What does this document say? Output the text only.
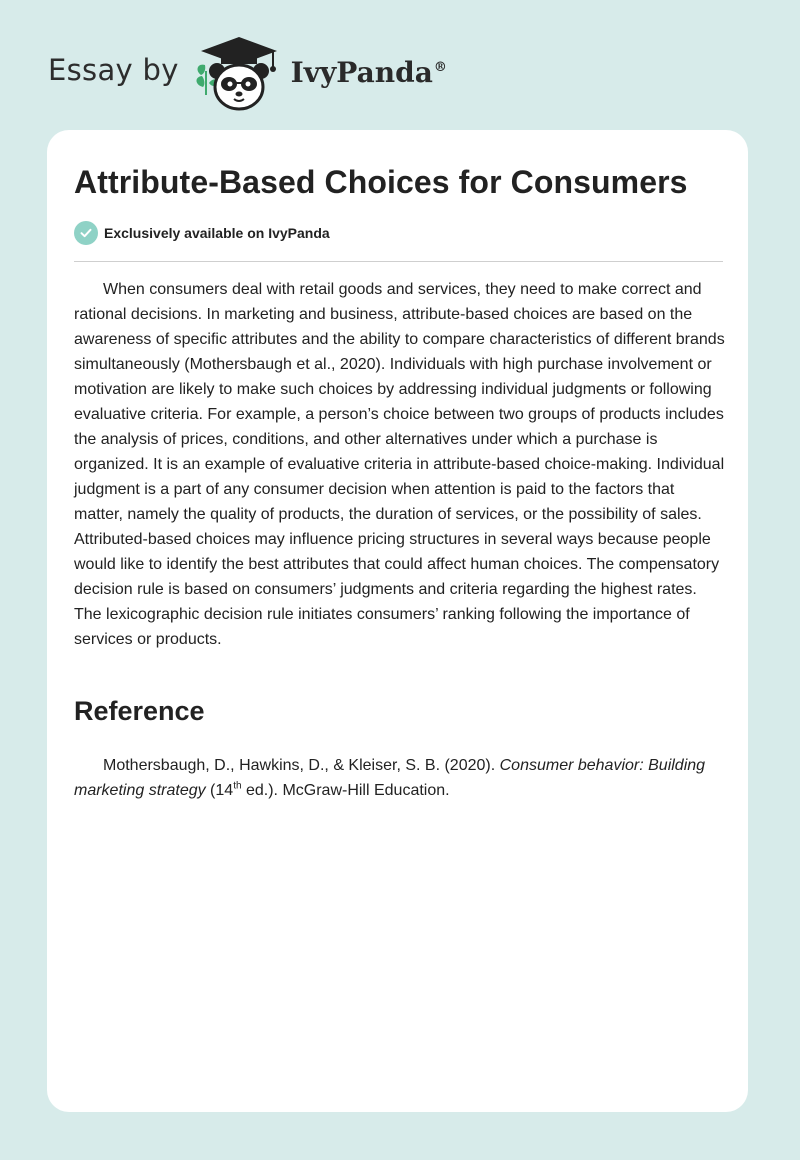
Essay by	IvyPanda®
Attribute-Based Choices for Consumers
Exclusively available on IvyPanda

When consumers deal with retail goods and services, they need to make correct and rational decisions. In marketing and business, attribute-based choices are based on the awareness of specific attributes and the ability to compare characteristics of different brands simultaneously (Mothersbaugh et al., 2020). Individuals with high purchase involvement or motivation are likely to make such choices by addressing individual judgments or following evaluative criteria. For example, a person’s choice between two groups of products includes the analysis of prices, conditions, and other alternatives under which a purchase is organized. It is an example of evaluative criteria in attribute-based choice-making. Individual judgment is a part of any consumer decision when attention is paid to the factors that matter, namely the quality of products, the duration of services, or the possibility of sales. Attributed-based choices may influence pricing structures in several ways because people would like to identify the best attributes that could affect human choices. The compensatory decision rule is based on consumers’ judgments and criteria regarding the highest rates. The lexicographic decision rule initiates consumers’ ranking following the importance of services or products.

Reference

Mothersbaugh, D., Hawkins, D., & Kleiser, S. B. (2020). Consumer behavior: Building marketing strategy (14th ed.). McGraw-Hill Education.
